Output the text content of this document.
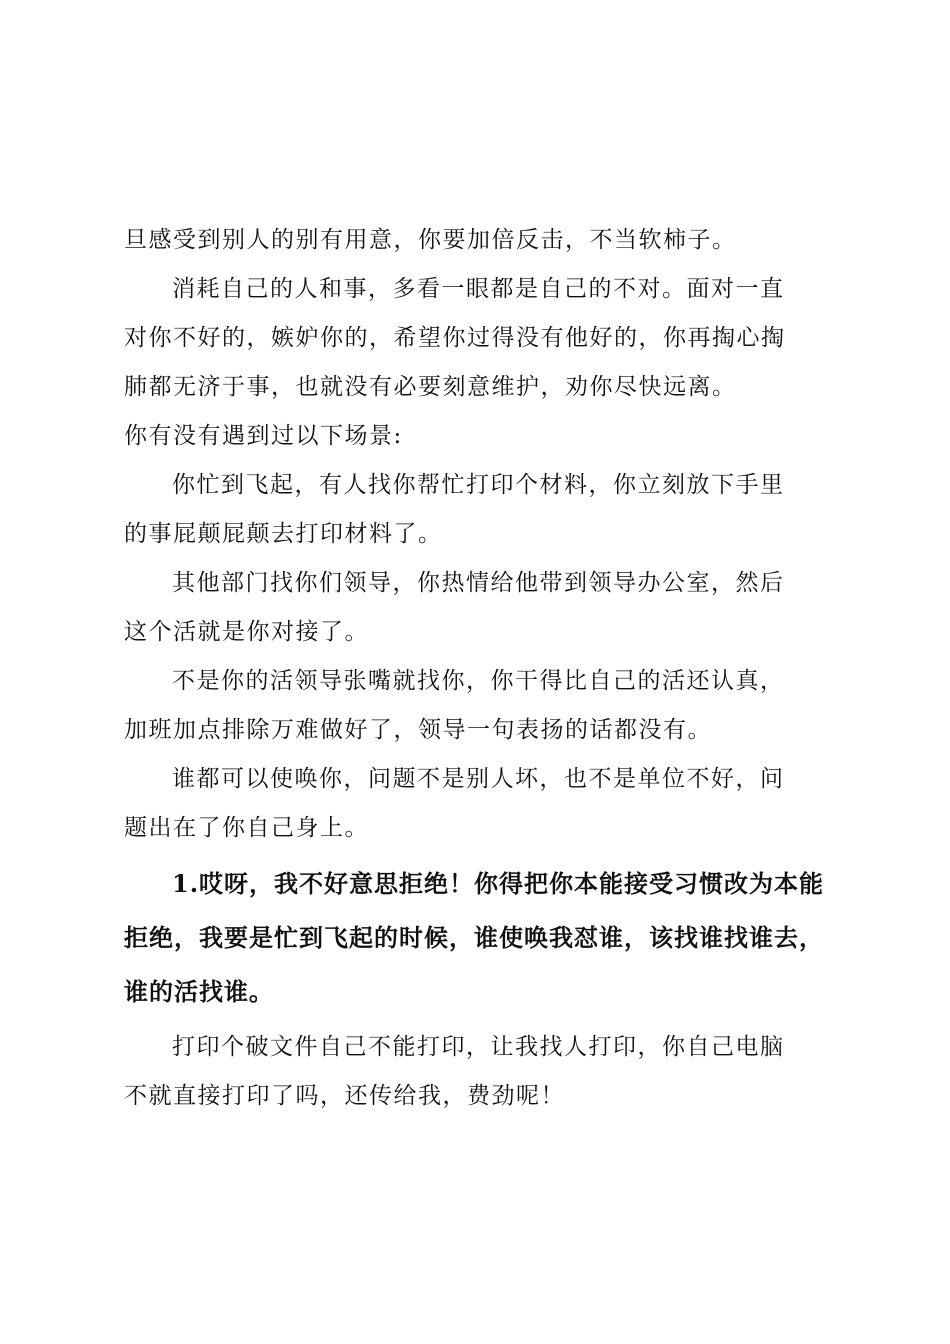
旦感受到别人的别有用意，你要加倍反击，不当软柿子。
消耗自己的人和事，多看一眼都是自己的不对。面对一直
对你不好的，嫉妒你的，希望你过得没有他好的，你再掏心掏
肺都无济于事，也就没有必要刻意维护，劝你尽快远离。
你有没有遇到过以下场景:
你忙到飞起，有人找你帮忙打印个材料，你立刻放下手里
的事屁颠屁颠去打印材料了。
其他部门找你们领导，你热情给他带到领导办公室，然后
这个活就是你对接了。
不是你的活领导张嘴就找你，你干得比自己的活还认真，
加班加点排除万难做好了，领导一句表扬的话都没有。
谁都可以使唤你，问题不是别人坏，也不是单位不好，问
题出在了你自己身上。
1.哎呀，我不好意思拒绝！你得把你本能接受习惯改为本能
拒绝，我要是忙到飞起的时候，谁使唤我怼谁，该找谁找谁去，
谁的活找谁。
打印个破文件自己不能打印，让我找人打印，你自己电脑
不就直接打印了吗，还传给我，费劲呢！
